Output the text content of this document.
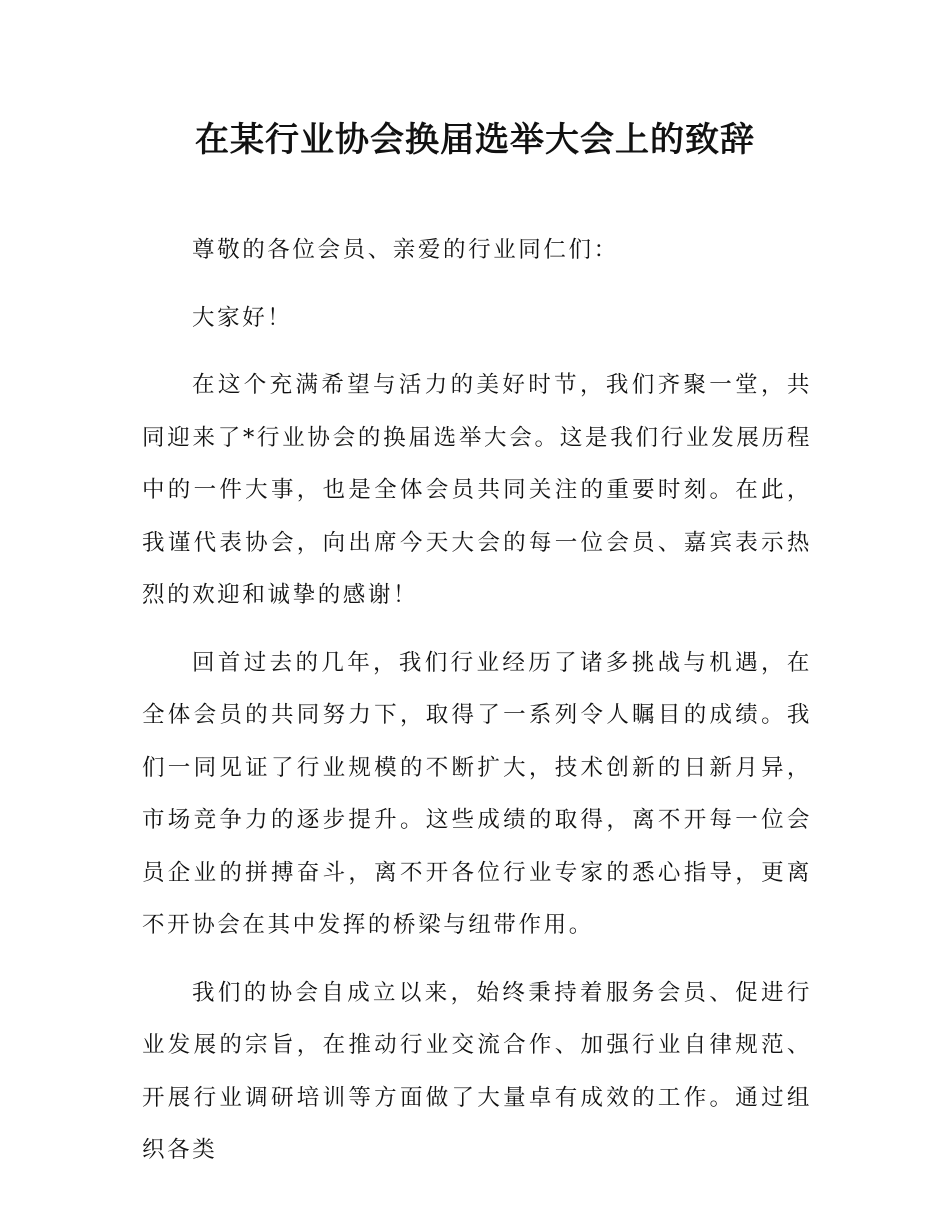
在某行业协会换届选举大会上的致辞

尊敬的各位会员、亲爱的行业同仁们：

大家好！

在这个充满希望与活力的美好时节，我们齐聚一堂，共同迎来了*行业协会的换届选举大会。这是我们行业发展历程中的一件大事，也是全体会员共同关注的重要时刻。在此，我谨代表协会，向出席今天大会的每一位会员、嘉宾表示热烈的欢迎和诚挚的感谢！

回首过去的几年，我们行业经历了诸多挑战与机遇，在全体会员的共同努力下，取得了一系列令人瞩目的成绩。我们一同见证了行业规模的不断扩大，技术创新的日新月异，市场竞争力的逐步提升。这些成绩的取得，离不开每一位会员企业的拼搏奋斗，离不开各位行业专家的悉心指导，更离不开协会在其中发挥的桥梁与纽带作用。

我们的协会自成立以来，始终秉持着服务会员、促进行业发展的宗旨，在推动行业交流合作、加强行业自律规范、开展行业调研培训等方面做了大量卓有成效的工作。通过组织各类
